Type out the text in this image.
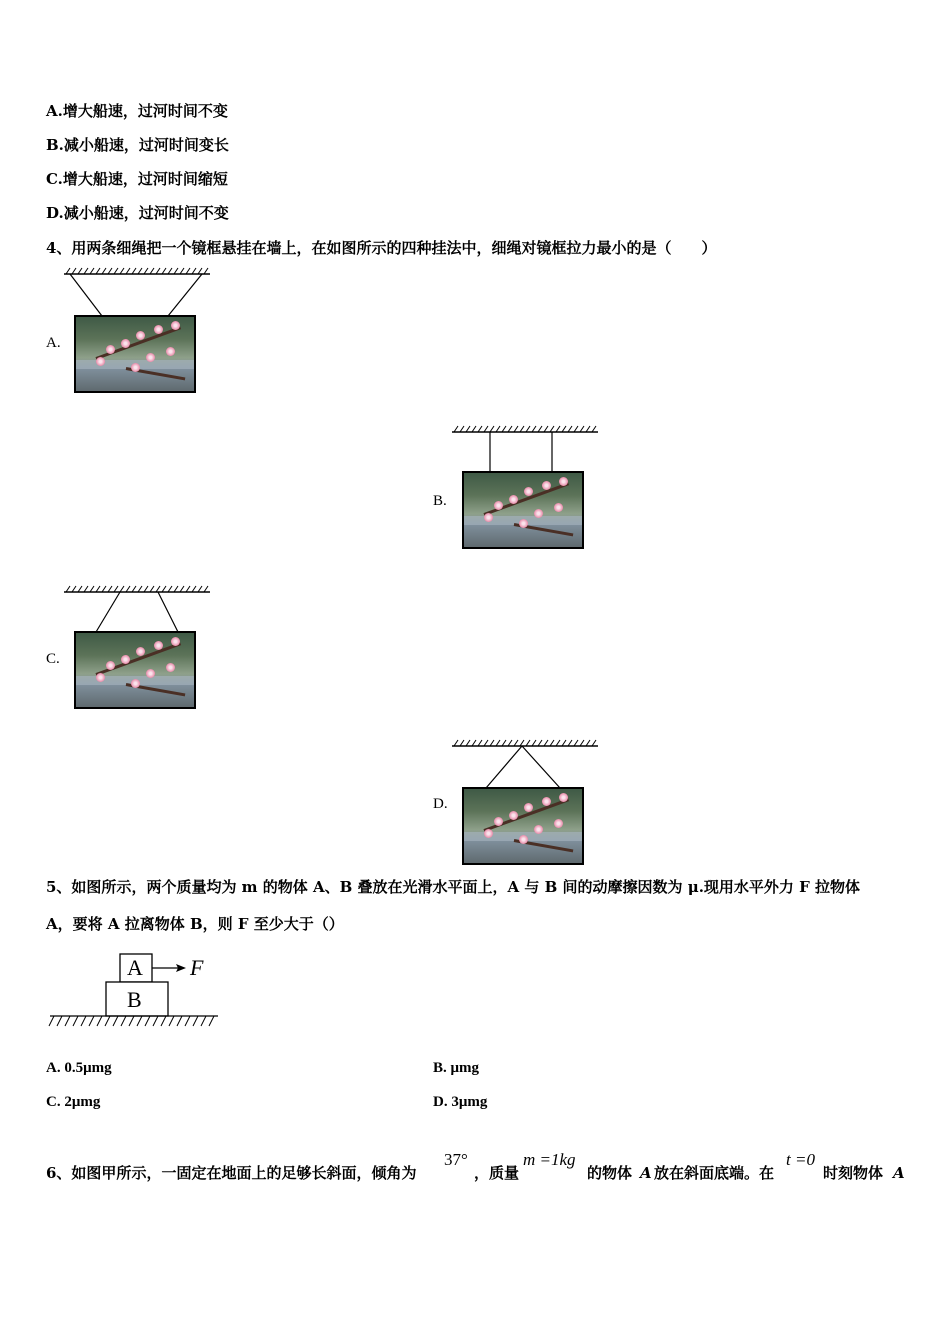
A.增大船速，过河时间不变
B.减小船速，过河时间变长
C.增大船速，过河时间缩短
D.减小船速，过河时间不变
4、用两条细绳把一个镜框悬挂在墙上，在如图所示的四种挂法中，细绳对镜框拉力最小的是（　　）
A.
B.
C.
D.
5、如图所示，两个质量均为 m 的物体 A、B 叠放在光滑水平面上，A 与 B 间的动摩擦因数为 μ.现用水平外力 F 拉物体
A，要将 A 拉离物体 B，则 F 至少大于（）
A
B
F
A. 0.5μmg	B. μmg
C. 2μmg	D. 3μmg
6、如图甲所示，一固定在地面上的足够长斜面，倾角为
37°
，质量
m =1kg
的物体 A 放在斜面底端。在
t =0
时刻物体 A
